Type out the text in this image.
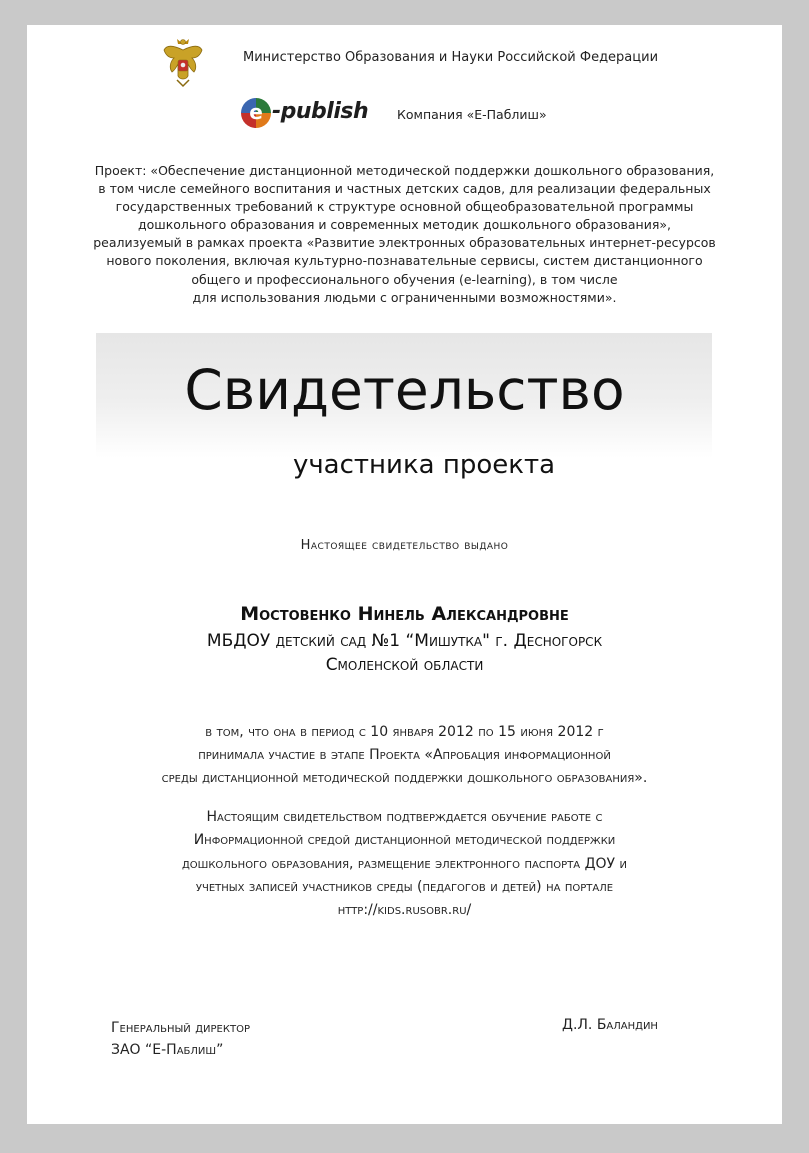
Министерство Образования и Науки Российской Федерации
e -publish Компания «Е-Паблиш»
Проект: «Обеспечение дистанционной методической поддержки дошкольного образования,
в том числе семейного воспитания и частных детских садов, для реализации федеральных
государственных требований к структуре основной общеобразовательной программы
дошкольного образования и современных методик дошкольного образования»,
реализуемый в рамках проекта «Развитие электронных образовательных интернет-ресурсов
нового поколения, включая культурно-познавательные сервисы, систем дистанционного
общего и профессионального обучения (e-learning), в том числе
для использования людьми с ограниченными возможностями».
Свидетельство
участника проекта
Настоящее свидетельство выдано
Мостовенко Нинель Александровне
МБДОУ детский сад №1 “Мишутка" г. Десногорск
Смоленской области
в том, что она в период с 10 января 2012 по 15 июня 2012 г
принимала участие в этапе Проекта «Апробация информационной
среды дистанционной методической поддержки дошкольного образования».
Настоящим свидетельством подтверждается обучение работе с
Информационной средой дистанционной методической поддержки
дошкольного образования, размещение электронного паспорта ДОУ и
учетных записей участников среды (педагогов и детей) на портале
http://kids.rusobr.ru/
Генеральный директор
ЗАО “Е-Паблиш”
Д.Л. Баландин
